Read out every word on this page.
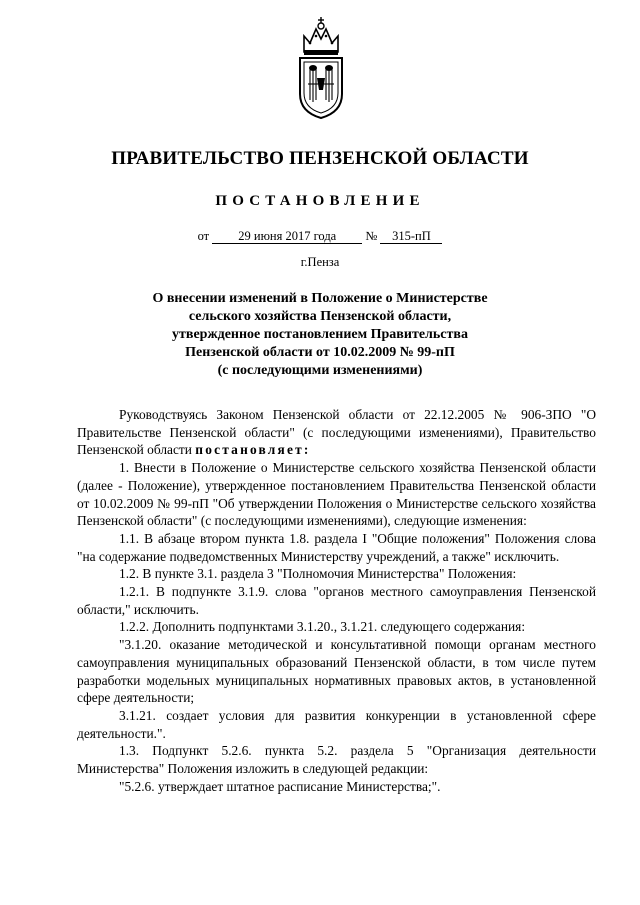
ПРАВИТЕЛЬСТВО ПЕНЗЕНСКОЙ ОБЛАСТИ
ПОСТАНОВЛЕНИЕ
от 29 июня 2017 года № 315-пП
г.Пенза
О внесении изменений в Положение о Министерстве
сельского хозяйства Пензенской области,
утвержденное постановлением Правительства
Пензенской области от 10.02.2009 № 99-пП
(с последующими изменениями)

Руководствуясь Законом Пензенской области от 22.12.2005 № 906-ЗПО "О Правительстве Пензенской области" (с последующими изменениями), Правительство Пензенской области постановляет:

1. Внести в Положение о Министерстве сельского хозяйства Пензенской области (далее - Положение), утвержденное постановлением Правительства Пензенской области от 10.02.2009 № 99-пП "Об утверждении Положения о Министерстве сельского хозяйства Пензенской области" (с последующими изменениями), следующие изменения:

1.1. В абзаце втором пункта 1.8. раздела I "Общие положения" Положения слова "на содержание подведомственных Министерству учреждений, а также" исключить.

1.2. В пункте 3.1. раздела 3 "Полномочия Министерства" Положения:

1.2.1. В подпункте 3.1.9. слова "органов местного самоуправления Пензенской области," исключить.

1.2.2. Дополнить подпунктами 3.1.20., 3.1.21. следующего содержания:

"3.1.20. оказание методической и консультативной помощи органам местного самоуправления муниципальных образований Пензенской области, в том числе путем разработки модельных муниципальных нормативных правовых актов, в установленной сфере деятельности;

3.1.21. создает условия для развития конкуренции в установленной сфере деятельности.".

1.3. Подпункт 5.2.6. пункта 5.2. раздела 5 "Организация деятельности Министерства" Положения изложить в следующей редакции:

"5.2.6. утверждает штатное расписание Министерства;".
